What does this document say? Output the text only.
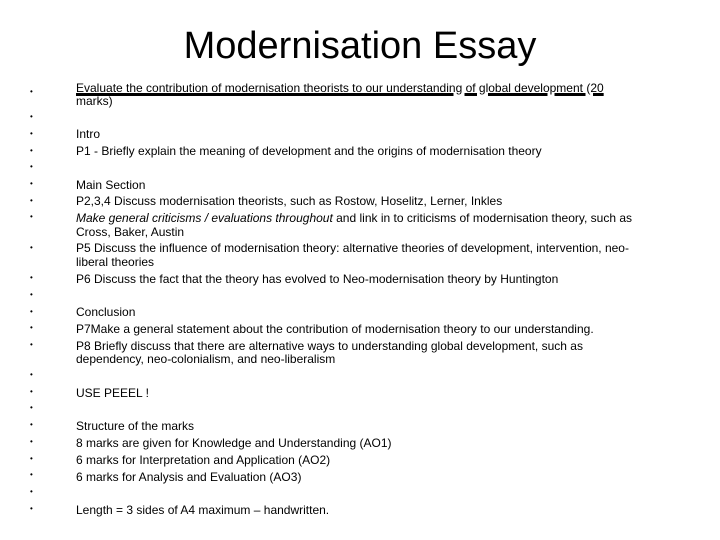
Modernisation Essay
•
•
•
•
•
•
•
•
•
•
•
•
•
•
•
•
•
•
•
•
•
•
•
Evaluate the contribution of modernisation theorists to our understanding of global development (20
marks)
Intro
P1 - Briefly explain the meaning of development and the origins of modernisation theory
Main Section
P2,3,4 Discuss modernisation theorists, such as Rostow, Hoselitz, Lerner, Inkles
Make general criticisms / evaluations throughout and link in to criticisms of modernisation theory, such as
Cross, Baker, Austin
P5 Discuss the influence of modernisation theory: alternative theories of development, intervention, neo-
liberal theories
P6 Discuss the fact that the theory has evolved to Neo-modernisation theory by Huntington
Conclusion
P7Make a general statement about the contribution of modernisation theory to our understanding.
P8 Briefly discuss that there are alternative ways to understanding global development, such as
dependency, neo-colonialism, and neo-liberalism
USE PEEEL !
Structure of the marks
8 marks are given for Knowledge and Understanding (AO1)
6 marks for Interpretation and Application (AO2)
6 marks for Analysis and Evaluation (AO3)
Length = 3 sides of A4 maximum – handwritten.
